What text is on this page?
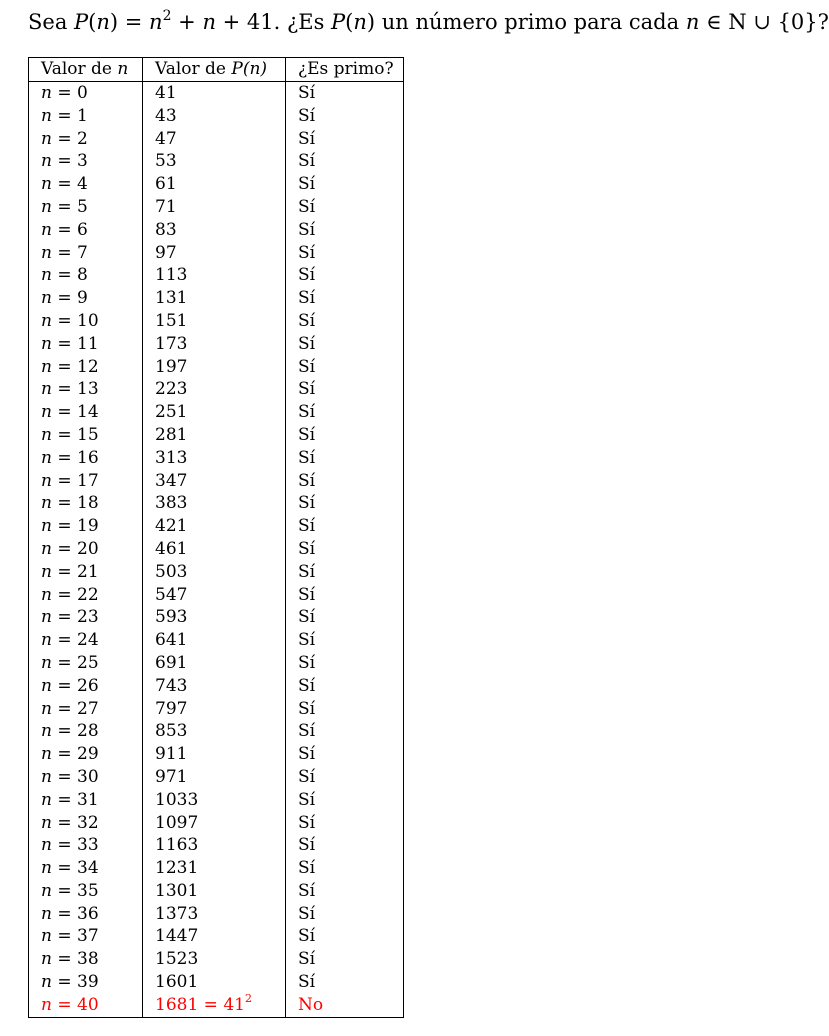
Sea $P(n) = n^2 + n + 41$. ¿Es P(n) un número primo para cada n ∈ N ∪ {0}?
Valor de n	Valor de P(n)	¿Es primo?
n = 0	41	Sí
n = 1	43	Sí
n = 2	47	Sí
n = 3	53	Sí
n = 4	61	Sí
n = 5	71	Sí
n = 6	83	Sí
n = 7	97	Sí
n = 8	113	Sí
n = 9	131	Sí
n = 10	151	Sí
n = 11	173	Sí
n = 12	197	Sí
n = 13	223	Sí
n = 14	251	Sí
n = 15	281	Sí
n = 16	313	Sí
n = 17	347	Sí
n = 18	383	Sí
n = 19	421	Sí
n = 20	461	Sí
n = 21	503	Sí
n = 22	547	Sí
n = 23	593	Sí
n = 24	641	Sí
n = 25	691	Sí
n = 26	743	Sí
n = 27	797	Sí
n = 28	853	Sí
n = 29	911	Sí
n = 30	971	Sí
n = 31	1033	Sí
n = 32	1097	Sí
n = 33	1163	Sí
n = 34	1231	Sí
n = 35	1301	Sí
n = 36	1373	Sí
n = 37	1447	Sí
n = 38	1523	Sí
n = 39	1601	Sí
n = 40	$1681 = 41^2$	No
